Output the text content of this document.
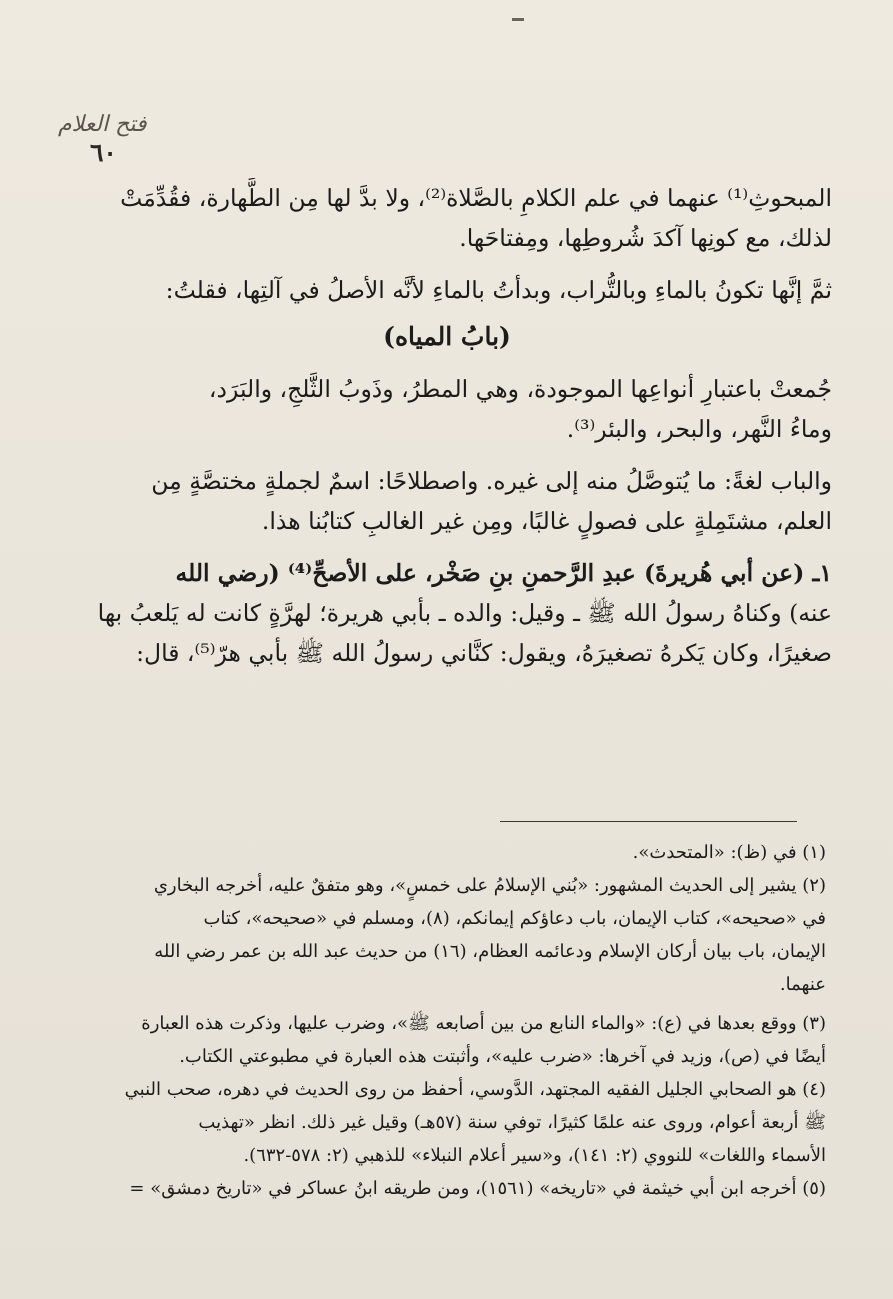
فتح العلام
٦٠
المبحوثِ⁽¹⁾ عنهما في علم الكلامِ بالصَّلاة⁽²⁾، ولا بدَّ لها مِن الطَّهارة، فقُدِّمَتْ
لذلك، مع كونِها آكدَ شُروطِها، ومِفتاحَها.
ثمَّ إنَّها تكونُ بالماءِ وبالتُّراب، وبدأتُ بالماءِ لأنَّه الأصلُ في آلتِها، فقلتُ:
(بابُ المياه)
جُمعتْ باعتبارِ أنواعِها الموجودة، وهي المطرُ، وذَوبُ الثَّلجِ، والبَرَد،
وماءُ النَّهر، والبحر، والبئر⁽³⁾.
والباب لغةً: ما يُتوصَّلُ منه إلى غيره. واصطلاحًا: اسمٌ لجملةٍ مختصَّةٍ مِن
العلم، مشتَمِلةٍ على فصولٍ غالبًا، ومِن غير الغالبِ كتابُنا هذا.
١ـ (عن أبي هُريرةَ) عبدِ الرَّحمنِ بنِ صَخْر، على الأصحِّ⁽⁴⁾ (رضي الله
عنه) وكناهُ رسولُ الله ﷺ ـ وقيل: والده ـ بأبي هريرة؛ لهرَّةٍ كانت له يَلعبُ بها
صغيرًا، وكان يَكرهُ تصغيرَهُ، ويقول: كنَّاني رسولُ الله ﷺ بأبي هرّ⁽⁵⁾، قال:
(١) في (ظ): «المتحدث».
(٢) يشير إلى الحديث المشهور: «بُني الإسلامُ على خمسٍ»، وهو متفقٌ عليه، أخرجه البخاري
في «صحيحه»، كتاب الإيمان، باب دعاؤكم إيمانكم، (٨)، ومسلم في «صحيحه»، كتاب
الإيمان، باب بيان أركان الإسلام ودعائمه العظام، (١٦) من حديث عبد الله بن عمر رضي الله
عنهما.
(٣) ووقع بعدها في (ع): «والماء النابع من بين أصابعه ﷺ»، وضرب عليها، وذكرت هذه العبارة
أيضًا في (ص)، وزيد في آخرها: «ضرب عليه»، وأثبتت هذه العبارة في مطبوعتي الكتاب.
(٤) هو الصحابي الجليل الفقيه المجتهد، الدَّوسي، أحفظ من روى الحديث في دهره، صحب النبي
ﷺ أربعة أعوام، وروى عنه علمًا كثيرًا، توفي سنة (٥٧هـ) وقيل غير ذلك. انظر «تهذيب
الأسماء واللغات» للنووي (٢: ١٤١)، و«سير أعلام النبلاء» للذهبي (٢: ٥٧٨-٦٣٢).
(٥) أخرجه ابن أبي خيثمة في «تاريخه» (١٥٦١)، ومن طريقه ابنُ عساكر في «تاريخ دمشق» =
